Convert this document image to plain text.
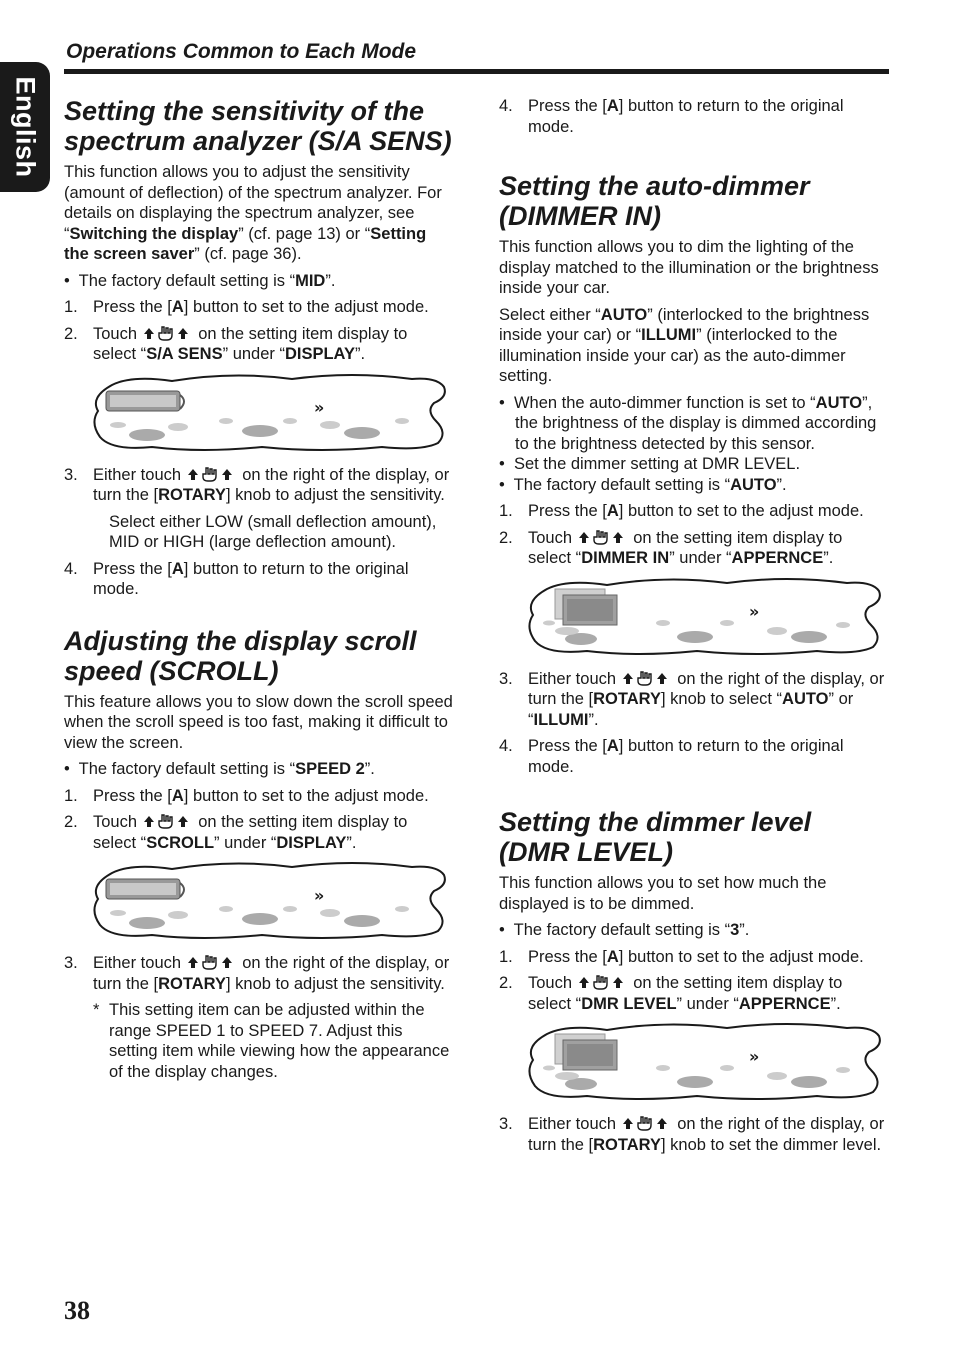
English
Operations Common to Each Mode
Setting the sensitivity of the spectrum analyzer (S/A SENS)

This function allows you to adjust the sensitivity (amount of deflection) of the spectrum analyzer. For details on displaying the spectrum analyzer, see “Switching the display” (cf. page 13) or “Setting the screen saver” (cf. page 36).

•  The factory default setting is “MID”.

1. Press the [A] button to set to the adjust mode.

2. Touch	on the setting item display to select “S/A SENS” under “DISPLAY”.

3. Either touch	on the right of the display, or turn the [ROTARY] knob to adjust the sensitivity.

Select either LOW (small deflection amount), MID or HIGH (large deflection amount).

4. Press the [A] button to return to the original mode.

Adjusting the display scroll speed (SCROLL)

This feature allows you to slow down the scroll speed when the scroll speed is too fast, making it difficult to view the screen.

•  The factory default setting is “SPEED 2”.

1. Press the [A] button to set to the adjust mode.

2. Touch	on the setting item display to select “SCROLL” under “DISPLAY”.

3. Either touch	on the right of the display, or turn the [ROTARY] knob to adjust the sensitivity.

* This setting item can be adjusted within the range SPEED 1 to SPEED 7. Adjust this setting item while viewing how the appearance of the display changes.

4. Press the [A] button to return to the original mode.

Setting the auto-dimmer (DIMMER IN)

This function allows you to dim the lighting of the display matched to the illumination or the brightness inside your car.

Select either “AUTO” (interlocked to the brightness inside your car) or “ILLUMI” (interlocked to the illumination inside your car) as the auto-dimmer setting.

•  When the auto-dimmer function is set to “AUTO”, the brightness of the display is dimmed according to the brightness detected by this sensor.

•  Set the dimmer setting at DMR LEVEL.

•  The factory default setting is “AUTO”.

1. Press the [A] button to set to the adjust mode.

2. Touch	on the setting item display to select “DIMMER IN” under “APPERNCE”.

3. Either touch	on the right of the display, or turn the [ROTARY] knob to select “AUTO” or “ILLUMI”.

4. Press the [A] button to return to the original mode.

Setting the dimmer level (DMR LEVEL)

This function allows you to set how much the displayed is to be dimmed.

•  The factory default setting is “3”.

1. Press the [A] button to set to the adjust mode.

2. Touch	on the setting item display to select “DMR LEVEL” under “APPERNCE”.

3. Either touch	on the right of the display, or turn the [ROTARY] knob to set the dimmer level.

38
